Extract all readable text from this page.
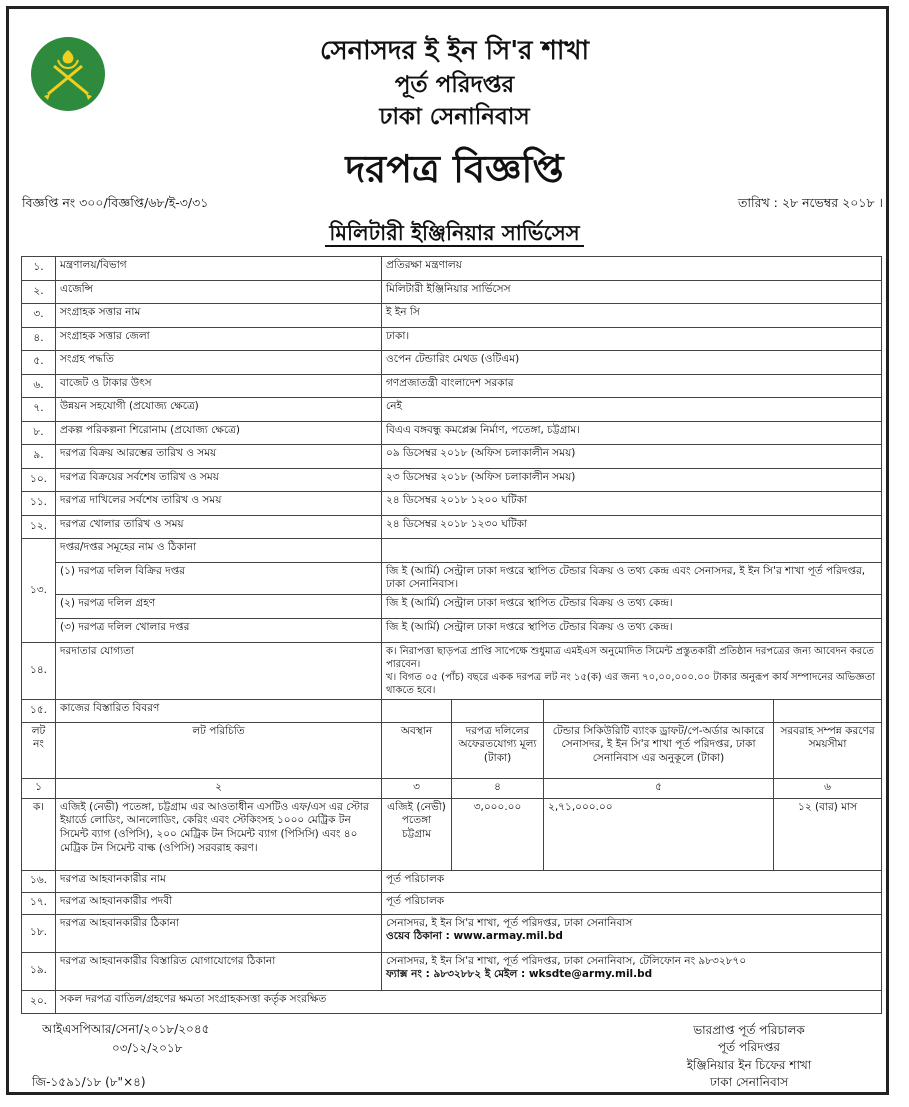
সেনাসদর ই ইন সি'র শাখা
পূর্ত পরিদপ্তর
ঢাকা সেনানিবাস
দরপত্র বিজ্ঞপ্তি
বিজ্ঞপ্তি নং ৩০০/বিজ্ঞপ্তি/৬৮/ই-৩/৩১	তারিখ : ২৮ নভেম্বর ২০১৮ ।
মিলিটারী ইঞ্জিনিয়ার সার্ভিসেস
১.	মন্ত্রণালয়/বিভাগ	প্রতিরক্ষা মন্ত্রণালয়			
২.	এজেন্সি	মিলিটারী ইঞ্জিনিয়ার সার্ভিসেস			
৩.	সংগ্রাহক সত্তার নাম	ই ইন সি			
৪.	সংগ্রাহক সত্তার জেলা	ঢাকা।			
৫.	সংগ্রহ পদ্ধতি	ওপেন টেন্ডারিং মেথড (ওটিএম)			
৬.	বাজেট ও টাকার উৎস	গণপ্রজাতন্ত্রী বাংলাদেশ সরকার			
৭.	উন্নয়ন সহযোগী (প্রযোজ্য ক্ষেত্রে)	নেই			
৮.	প্রকল্প পরিকল্পনা শিরোনাম (প্রযোজ্য ক্ষেত্রে)	বিএএ বঙ্গবন্ধু কমপ্লেক্স নির্মাণ, পতেঙ্গা, চট্টগ্রাম।			
৯.	দরপত্র বিক্রয় আরম্ভের তারিখ ও সময়	০৯ ডিসেম্বর ২০১৮ (অফিস চলাকালীন সময়)			
১০.	দরপত্র বিক্রয়ের সর্বশেষ তারিখ ও সময়	২৩ ডিসেম্বর ২০১৮ (অফিস চলাকালীন সময়)			
১১.	দরপত্র দাখিলের সর্বশেষ তারিখ ও সময়	২৪ ডিসেম্বর ২০১৮ ১২০০ ঘটিকা			
১২.	দরপত্র খোলার তারিখ ও সময়	২৪ ডিসেম্বর ২০১৮ ১২৩০ ঘটিকা			
১৩.	দপ্তর/দপ্তর সমূহের নাম ও ঠিকানা				
	(১) দরপত্র দলিল বিক্রির দপ্তর	জি ই (আর্মি) সেন্ট্রাল ঢাকা দপ্তরে স্থাপিত টেন্ডার বিক্রয় ও তথ্য কেন্দ্র এবং সেনাসদর, ই ইন সি'র শাখা পূর্ত পরিদপ্তর, ঢাকা সেনানিবাস।			
	(২) দরপত্র দলিল গ্রহণ	জি ই (আর্মি) সেন্ট্রাল ঢাকা দপ্তরে স্থাপিত টেন্ডার বিক্রয় ও তথ্য কেন্দ্র।			
	(৩) দরপত্র দলিল খোলার দপ্তর	জি ই (আর্মি) সেন্ট্রাল ঢাকা দপ্তরে স্থাপিত টেন্ডার বিক্রয় ও তথ্য কেন্দ্র।			
১৪.	দরদাতার যোগ্যতা	ক। নিরাপত্তা ছাড়পত্র প্রাপ্তি সাপেক্ষে শুধুমাত্র এমইএস অনুমোদিত সিমেন্ট প্রস্তুতকারী প্রতিষ্ঠান দরপত্রের জন্য আবেদন করতে পারবেন।
খ। বিগত ০৫ (পাঁচ) বছরে একক দরপত্র লট নং ১৫(ক) এর জন্য ৭০,০০,০০০.০০ টাকার অনুরূপ কার্য সম্পাদনের অভিজ্ঞতা থাকতে হবে।			

১৫.	কাজের বিস্তারিত বিবরণ				
লট নং	লট পরিচিতি	অবস্থান	দরপত্র দলিলের অফেরতযোগ্য মূল্য (টাকা)	টেন্ডার সিকিউরিটি ব্যাংক ড্রাফট/পে-অর্ডার আকারে সেনাসদর, ই ইন সি'র শাখা পূর্ত পরিদপ্তর, ঢাকা সেনানিবাস এর অনুকূলে (টাকা)	সরবরাহ সম্পন্ন করণের সময়সীমা
১	২	৩	৪	৫	৬
ক।	এজিই (নেভী) পতেঙ্গা, চট্টগ্রাম এর আওতাধীন এসটিও এফ/এস এর স্টোর ইয়ার্ডে লোডিং, আনলোডিং, কেরিং এবং স্টেকিংসহ ১০০০ মেট্রিক টন সিমেন্ট ব্যাগ (ওপিসি), ২০০ মেট্রিক টন সিমেন্ট ব্যাগ (পিসিসি) এবং ৪০ মেট্রিক টন সিমেন্ট বাল্ক (ওপিসি) সরবরাহ করণ।	এজিই (নেভী) পতেঙ্গা চট্টগ্রাম	৩,০০০.০০	২,৭১,০০০.০০	১২ (বার) মাস
১৬.	দরপত্র আহবানকারীর নাম	পূর্ত পরিচালক			
১৭.	দরপত্র আহবানকারীর পদবী	পূর্ত পরিচালক			
১৮.	দরপত্র আহবানকারীর ঠিকানা	সেনাসদর, ই ইন সি'র শাখা, পূর্ত পরিদপ্তর, ঢাকা সেনানিবাস
ওয়েব ঠিকানা : www.armay.mil.bd			

১৯.	দরপত্র আহবানকারীর বিস্তারিত যোগাযোগের ঠিকানা	সেনাসদর, ই ইন সি'র শাখা, পূর্ত পরিদপ্তর, ঢাকা সেনানিবাস, টেলিফোন নং ৯৮৩২৮৭০
ফ্যাক্স নং : ৯৮৩২৮৮২ ই মেইল : wksdte@army.mil.bd			

২০.	সকল দরপত্র বাতিল/গ্রহণের ক্ষমতা সংগ্রাহকসত্তা কর্তৃক সংরক্ষিত				
আইএসপিআর/সেনা/২০১৮/২০৪৫
০৩/১২/২০১৮
জি-১৫৯১/১৮ (৮"×৪)
ভারপ্রাপ্ত পূর্ত পরিচালক
পূর্ত পরিদপ্তর
ইঞ্জিনিয়ার ইন চিফের শাখা
ঢাকা সেনানিবাস
